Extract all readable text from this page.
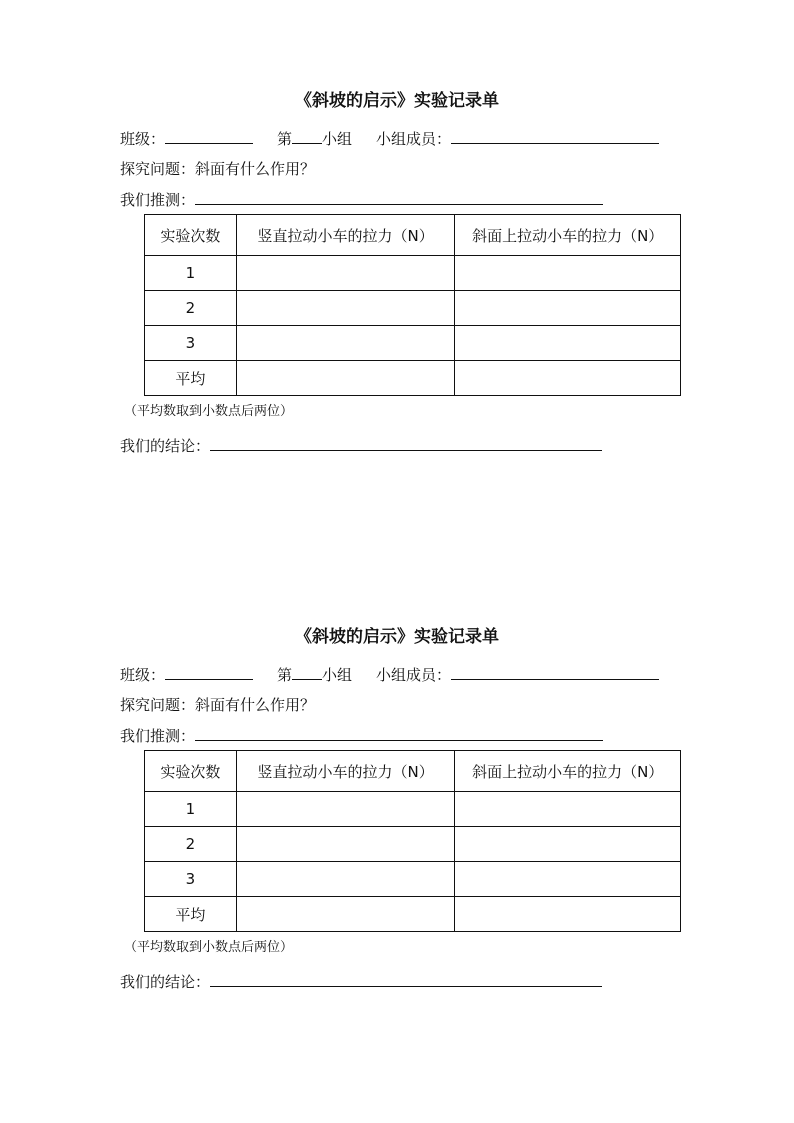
《斜坡的启示》实验记录单
班级：	第 小组 小组成员：
探究问题：斜面有什么作用？
我们推测：
实验次数	竖直拉动小车的拉力（N）	斜面上拉动小车的拉力（N）
1		
2		
3		
平均		
（平均数取到小数点后两位）
我们的结论：
《斜坡的启示》实验记录单
班级：	第 小组 小组成员：
探究问题：斜面有什么作用？
我们推测：
实验次数	竖直拉动小车的拉力（N）	斜面上拉动小车的拉力（N）
1		
2		
3		
平均		
（平均数取到小数点后两位）
我们的结论：
